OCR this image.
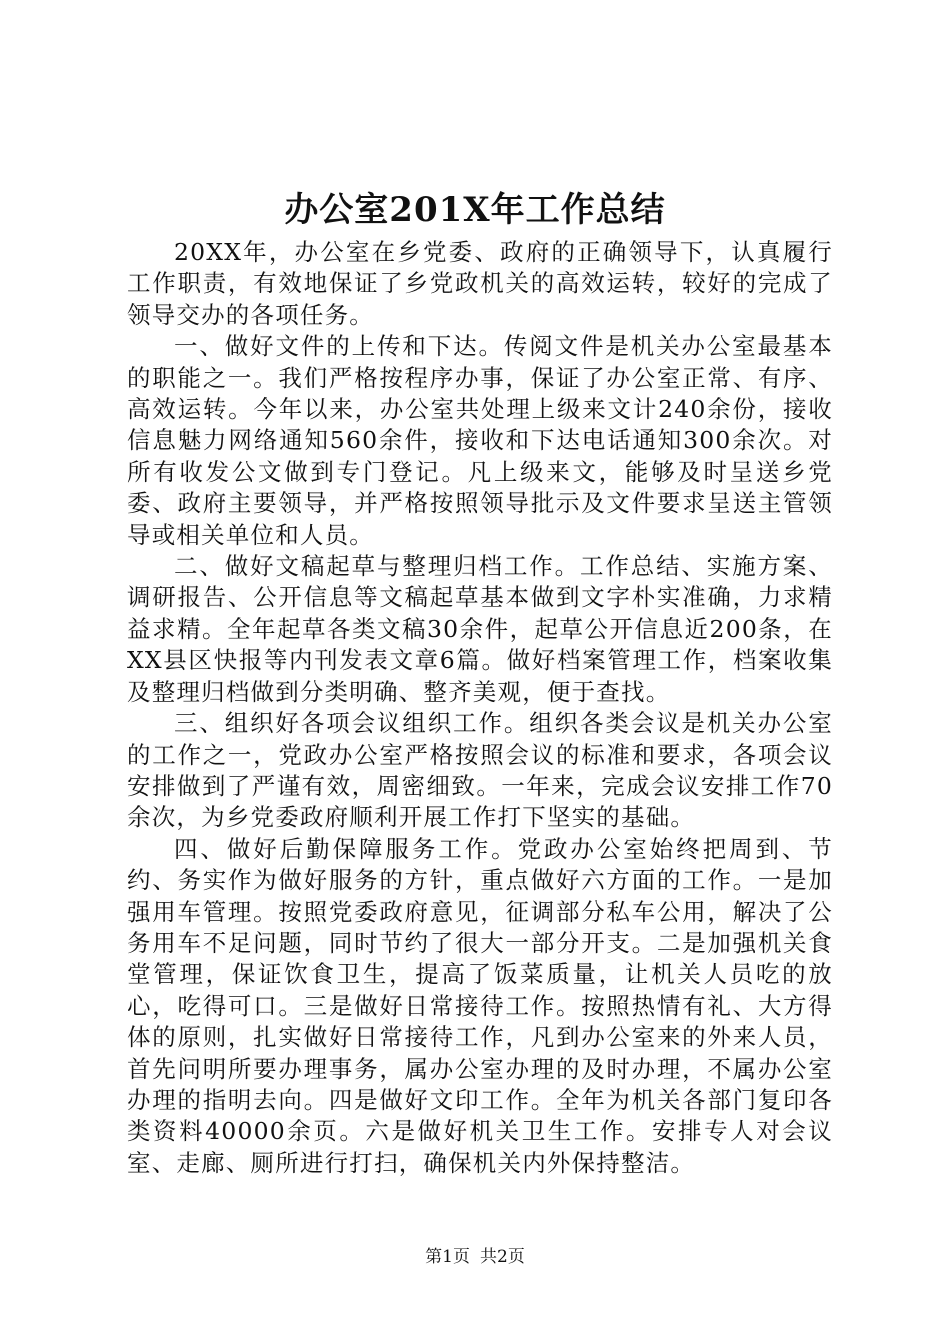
办公室201X年工作总结

20XX年，办公室在乡党委、政府的正确领导下，认真履行工作职责，有效地保证了乡党政机关的高效运转，较好的完成了领导交办的各项任务。

一、做好文件的上传和下达。传阅文件是机关办公室最基本的职能之一。我们严格按程序办事，保证了办公室正常、有序、高效运转。今年以来，办公室共处理上级来文计240余份，接收信息魅力网络通知560余件，接收和下达电话通知300余次。对所有收发公文做到专门登记。凡上级来文，能够及时呈送乡党委、政府主要领导，并严格按照领导批示及文件要求呈送主管领导或相关单位和人员。

二、做好文稿起草与整理归档工作。工作总结、实施方案、调研报告、公开信息等文稿起草基本做到文字朴实准确，力求精益求精。全年起草各类文稿30余件，起草公开信息近200条，在XX县区快报等内刊发表文章6篇。做好档案管理工作，档案收集及整理归档做到分类明确、整齐美观，便于查找。

三、组织好各项会议组织工作。组织各类会议是机关办公室的工作之一，党政办公室严格按照会议的标准和要求，各项会议安排做到了严谨有效，周密细致。一年来，完成会议安排工作70余次，为乡党委政府顺利开展工作打下坚实的基础。

四、做好后勤保障服务工作。党政办公室始终把周到、节约、务实作为做好服务的方针，重点做好六方面的工作。一是加强用车管理。按照党委政府意见，征调部分私车公用，解决了公务用车不足问题，同时节约了很大一部分开支。二是加强机关食堂管理，保证饮食卫生，提高了饭菜质量，让机关人员吃的放心，吃得可口。三是做好日常接待工作。按照热情有礼、大方得体的原则，扎实做好日常接待工作，凡到办公室来的外来人员，首先问明所要办理事务，属办公室办理的及时办理，不属办公室办理的指明去向。四是做好文印工作。全年为机关各部门复印各类资料40000余页。六是做好机关卫生工作。安排专人对会议室、走廊、厕所进行打扫，确保机关内外保持整洁。

第1页 共2页
